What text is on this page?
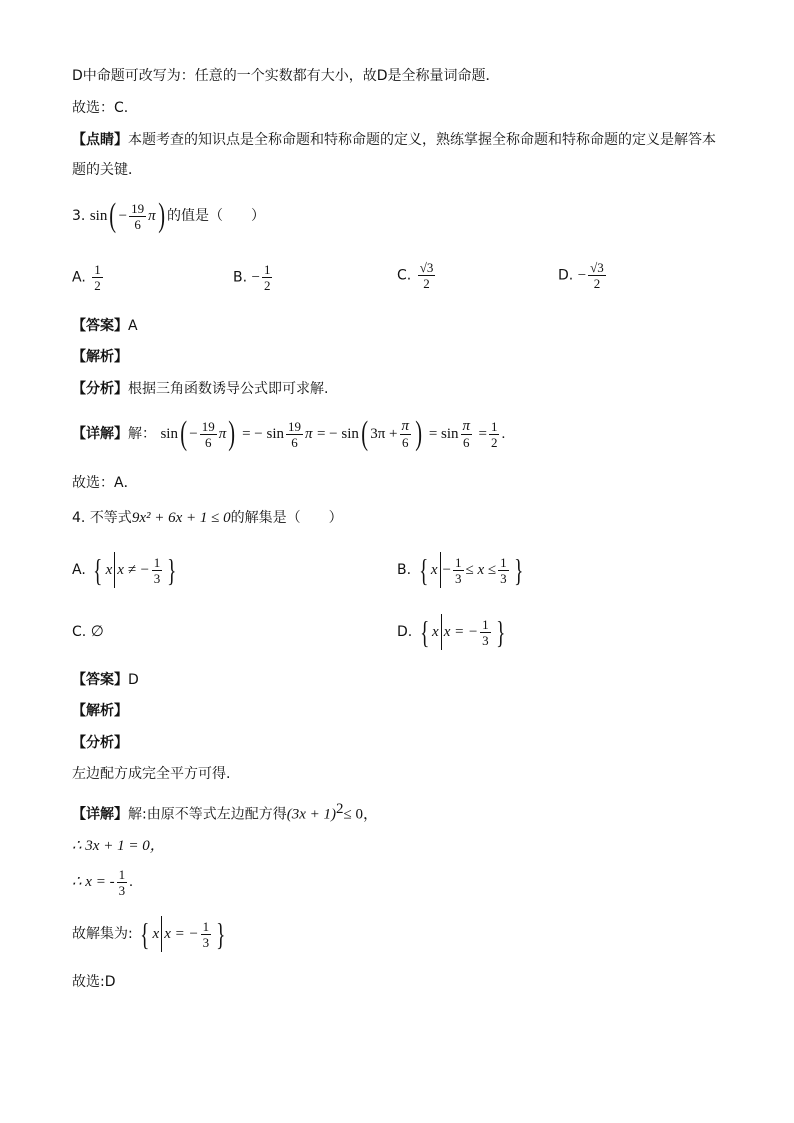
D中命题可改写为：任意的一个实数都有大小，故D是全称量词命题．
故选：C.
【点睛】本题考查的知识点是全称命题和特称命题的定义，熟练掌握全称命题和特称命题的定义是解答本
题的关键．
3. $\sin( - \frac{19}{6} \pi)$ 的值是（　　）
A. $\frac{1}{2}$	B. − $\frac{1}{2}$	C. $\frac{√3}{2}$	D. − $\frac{√3}{2}$
【答案】A
【解析】
【分析】根据三角函数诱导公式即可求解.
【详解】解： $\sin( - \frac{19}{6} \pi)$ = − $\sin \frac{19}{6}$ π = − sin( $3\pi + \frac{\pi}{6}$ ) = $\sin \frac{\pi}{6} = \frac{1}{2}$ .
故选：A．
4. 不等式9x² + 6x + 1 ≤ 0的解集是（　　）
A. { x x ≠ − $\frac{1}{3}$ }	B. { $x - \frac{1}{3} \le x \le \frac{1}{3}$ }
C. ∅	D. { x x = − $\frac{1}{3}$ }
【答案】D
【解析】
【分析】
左边配方成完全平方可得.
【详解】解:由原不等式左边配方得$(3x + 1)^2\le 0$，
∴ 3x + 1 = 0，
∴ x = - $\frac{1}{3}$ .
故解集为: { x x = − $\frac{1}{3}$ }
故选:D
